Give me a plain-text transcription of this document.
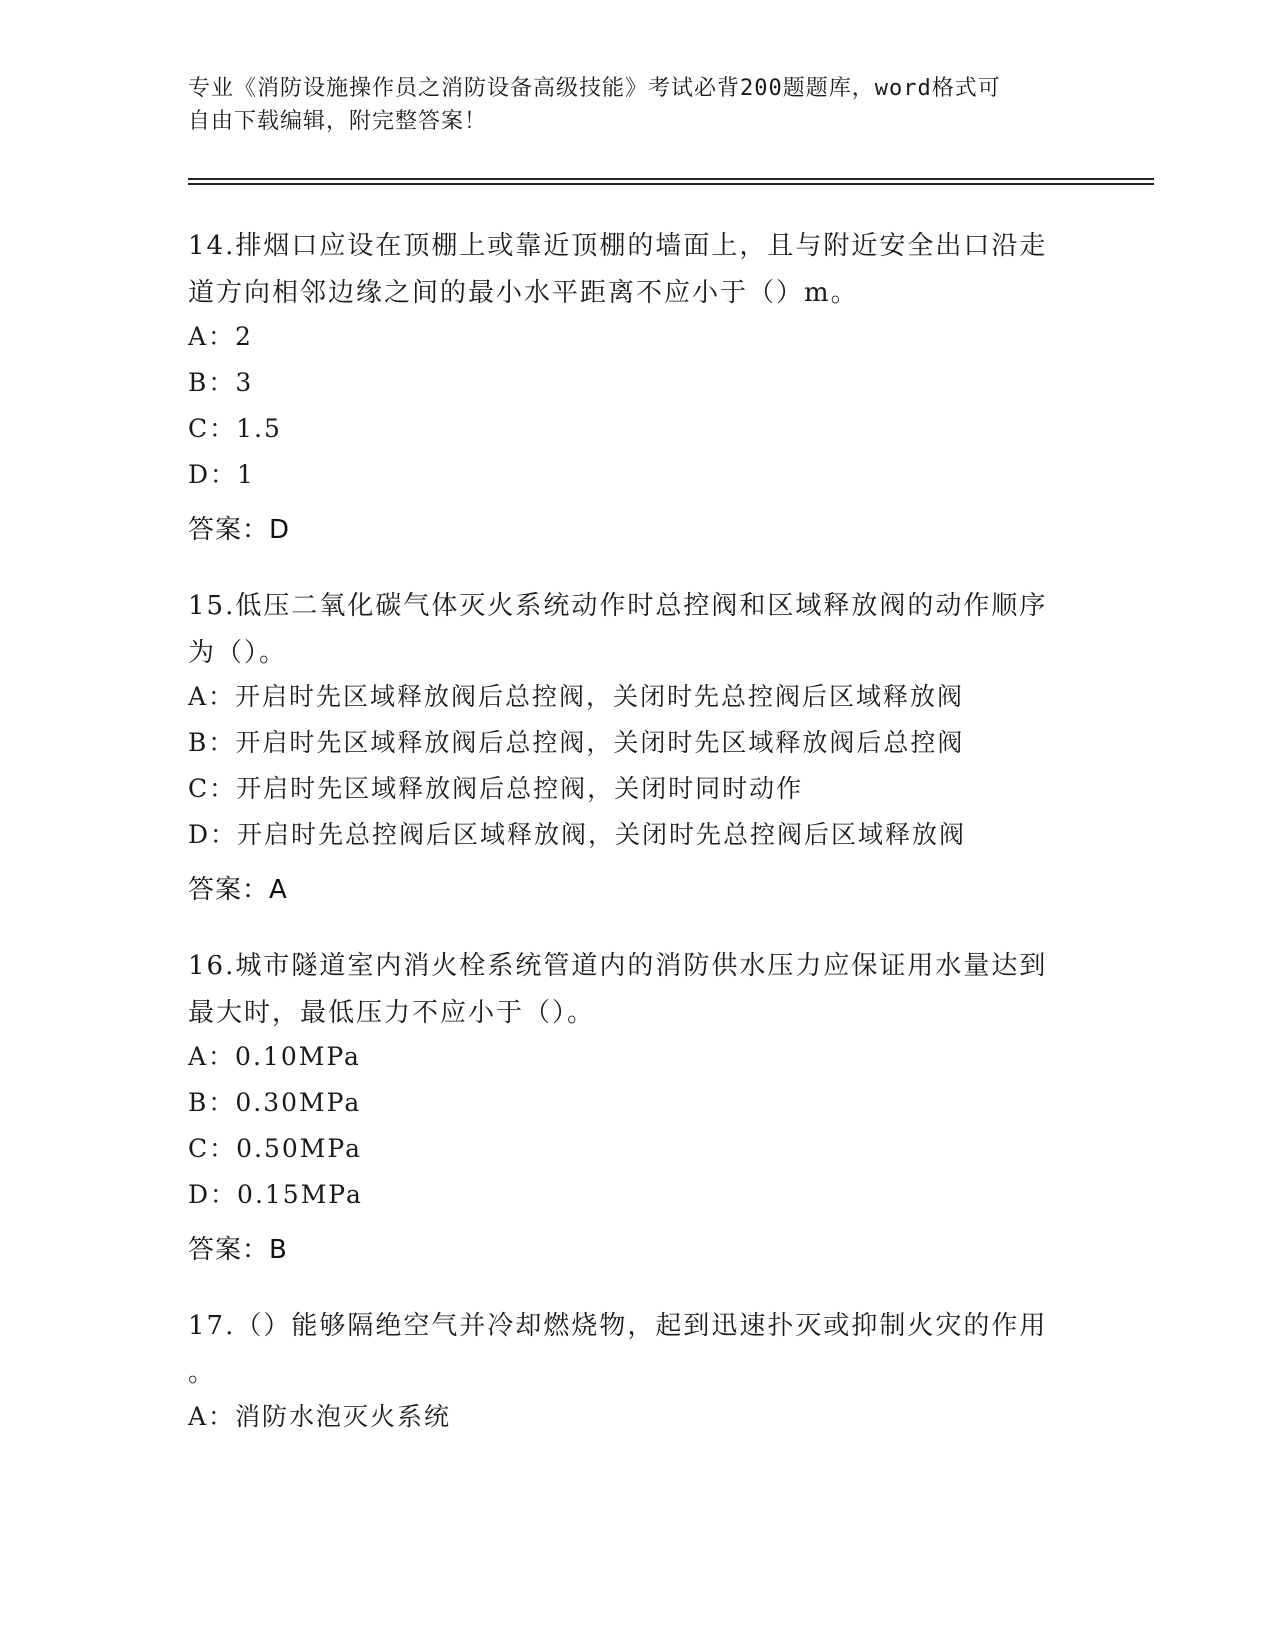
专业《消防设施操作员之消防设备高级技能》考试必背200题题库，word格式可
自由下载编辑，附完整答案！
14.排烟口应设在顶棚上或靠近顶棚的墙面上，且与附近安全出口沿走
道方向相邻边缘之间的最小水平距离不应小于（）m。
A：2
B：3
C：1.5
D：1
答案：D
15.低压二氧化碳气体灭火系统动作时总控阀和区域释放阀的动作顺序
为（）。
A：开启时先区域释放阀后总控阀，关闭时先总控阀后区域释放阀
B：开启时先区域释放阀后总控阀，关闭时先区域释放阀后总控阀
C：开启时先区域释放阀后总控阀，关闭时同时动作
D：开启时先总控阀后区域释放阀，关闭时先总控阀后区域释放阀
答案：A
16.城市隧道室内消火栓系统管道内的消防供水压力应保证用水量达到
最大时，最低压力不应小于（）。
A：0.10MPa
B：0.30MPa
C：0.50MPa
D：0.15MPa
答案：B
17.（）能够隔绝空气并冷却燃烧物，起到迅速扑灭或抑制火灾的作用
。
A：消防水泡灭火系统
